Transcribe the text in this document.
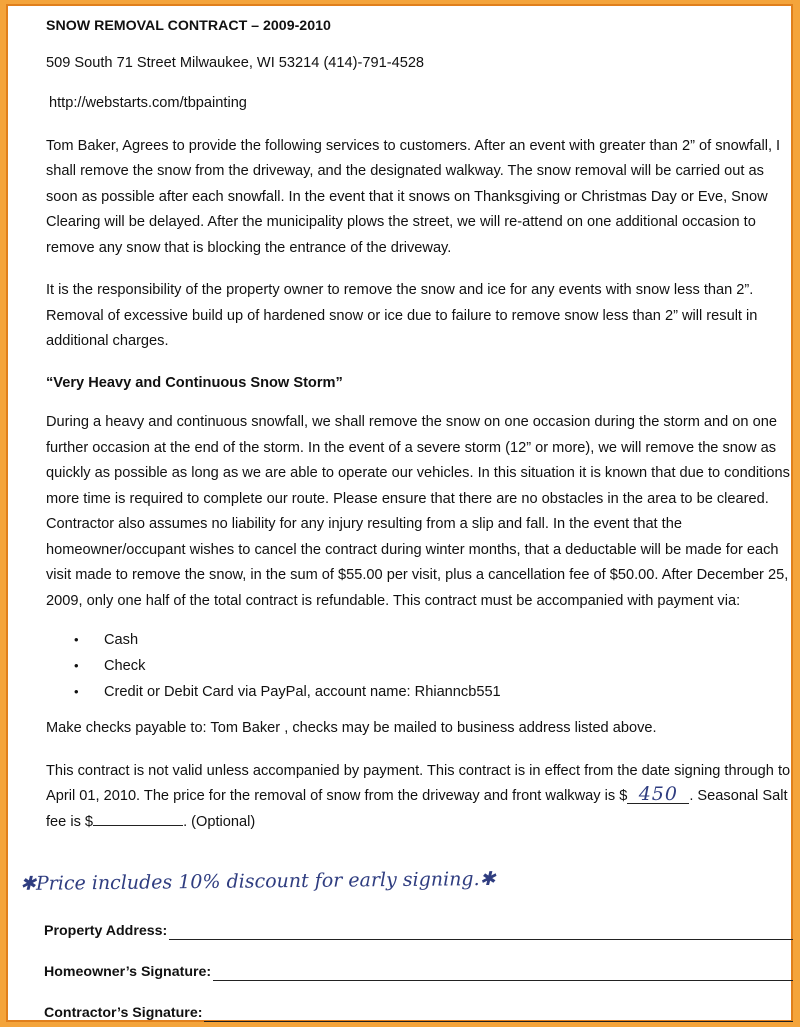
SNOW REMOVAL CONTRACT – 2009-2010

509 South 71 Street Milwaukee, WI 53214 (414)-791-4528

http://webstarts.com/tbpainting

Tom Baker, Agrees to provide the following services to customers. After an event with greater than 2” of snowfall, I shall remove the snow from the driveway, and the designated walkway. The snow removal will be carried out as soon as possible after each snowfall. In the event that it snows on Thanksgiving or Christmas Day or Eve, Snow Clearing will be delayed. After the municipality plows the street, we will re-attend on one additional occasion to remove any snow that is blocking the entrance of the driveway.

It is the responsibility of the property owner to remove the snow and ice for any events with snow less than 2”. Removal of excessive build up of hardened snow or ice due to failure to remove snow less than 2” will result in additional charges.

“Very Heavy and Continuous Snow Storm”

During a heavy and continuous snowfall, we shall remove the snow on one occasion during the storm and on one further occasion at the end of the storm. In the event of a severe storm (12” or more), we will remove the snow as quickly as possible as long as we are able to operate our vehicles. In this situation it is known that due to conditions more time is required to complete our route. Please ensure that there are no obstacles in the area to be cleared. Contractor also assumes no liability for any injury resulting from a slip and fall. In the event that the homeowner/occupant wishes to cancel the contract during winter months, that a deductable will be made for each visit made to remove the snow, in the sum of $55.00 per visit, plus a cancellation fee of $50.00. After December 25, 2009, only one half of the total contract is refundable. This contract must be accompanied with payment via:

• Cash
• Check
• Credit or Debit Card via PayPal, account name: Rhianncb551

Make checks payable to: Tom Baker , checks may be mailed to business address listed above.

This contract is not valid unless accompanied by payment. This contract is in effect from the date signing through to April 01, 2010. The price for the removal of snow from the driveway and front walkway is $ 450 . Seasonal Salt fee is $	. (Optional)

✱Price includes 10% discount for early signing.✱
Property Address:
Homeowner’s Signature:
Contractor’s Signature:
